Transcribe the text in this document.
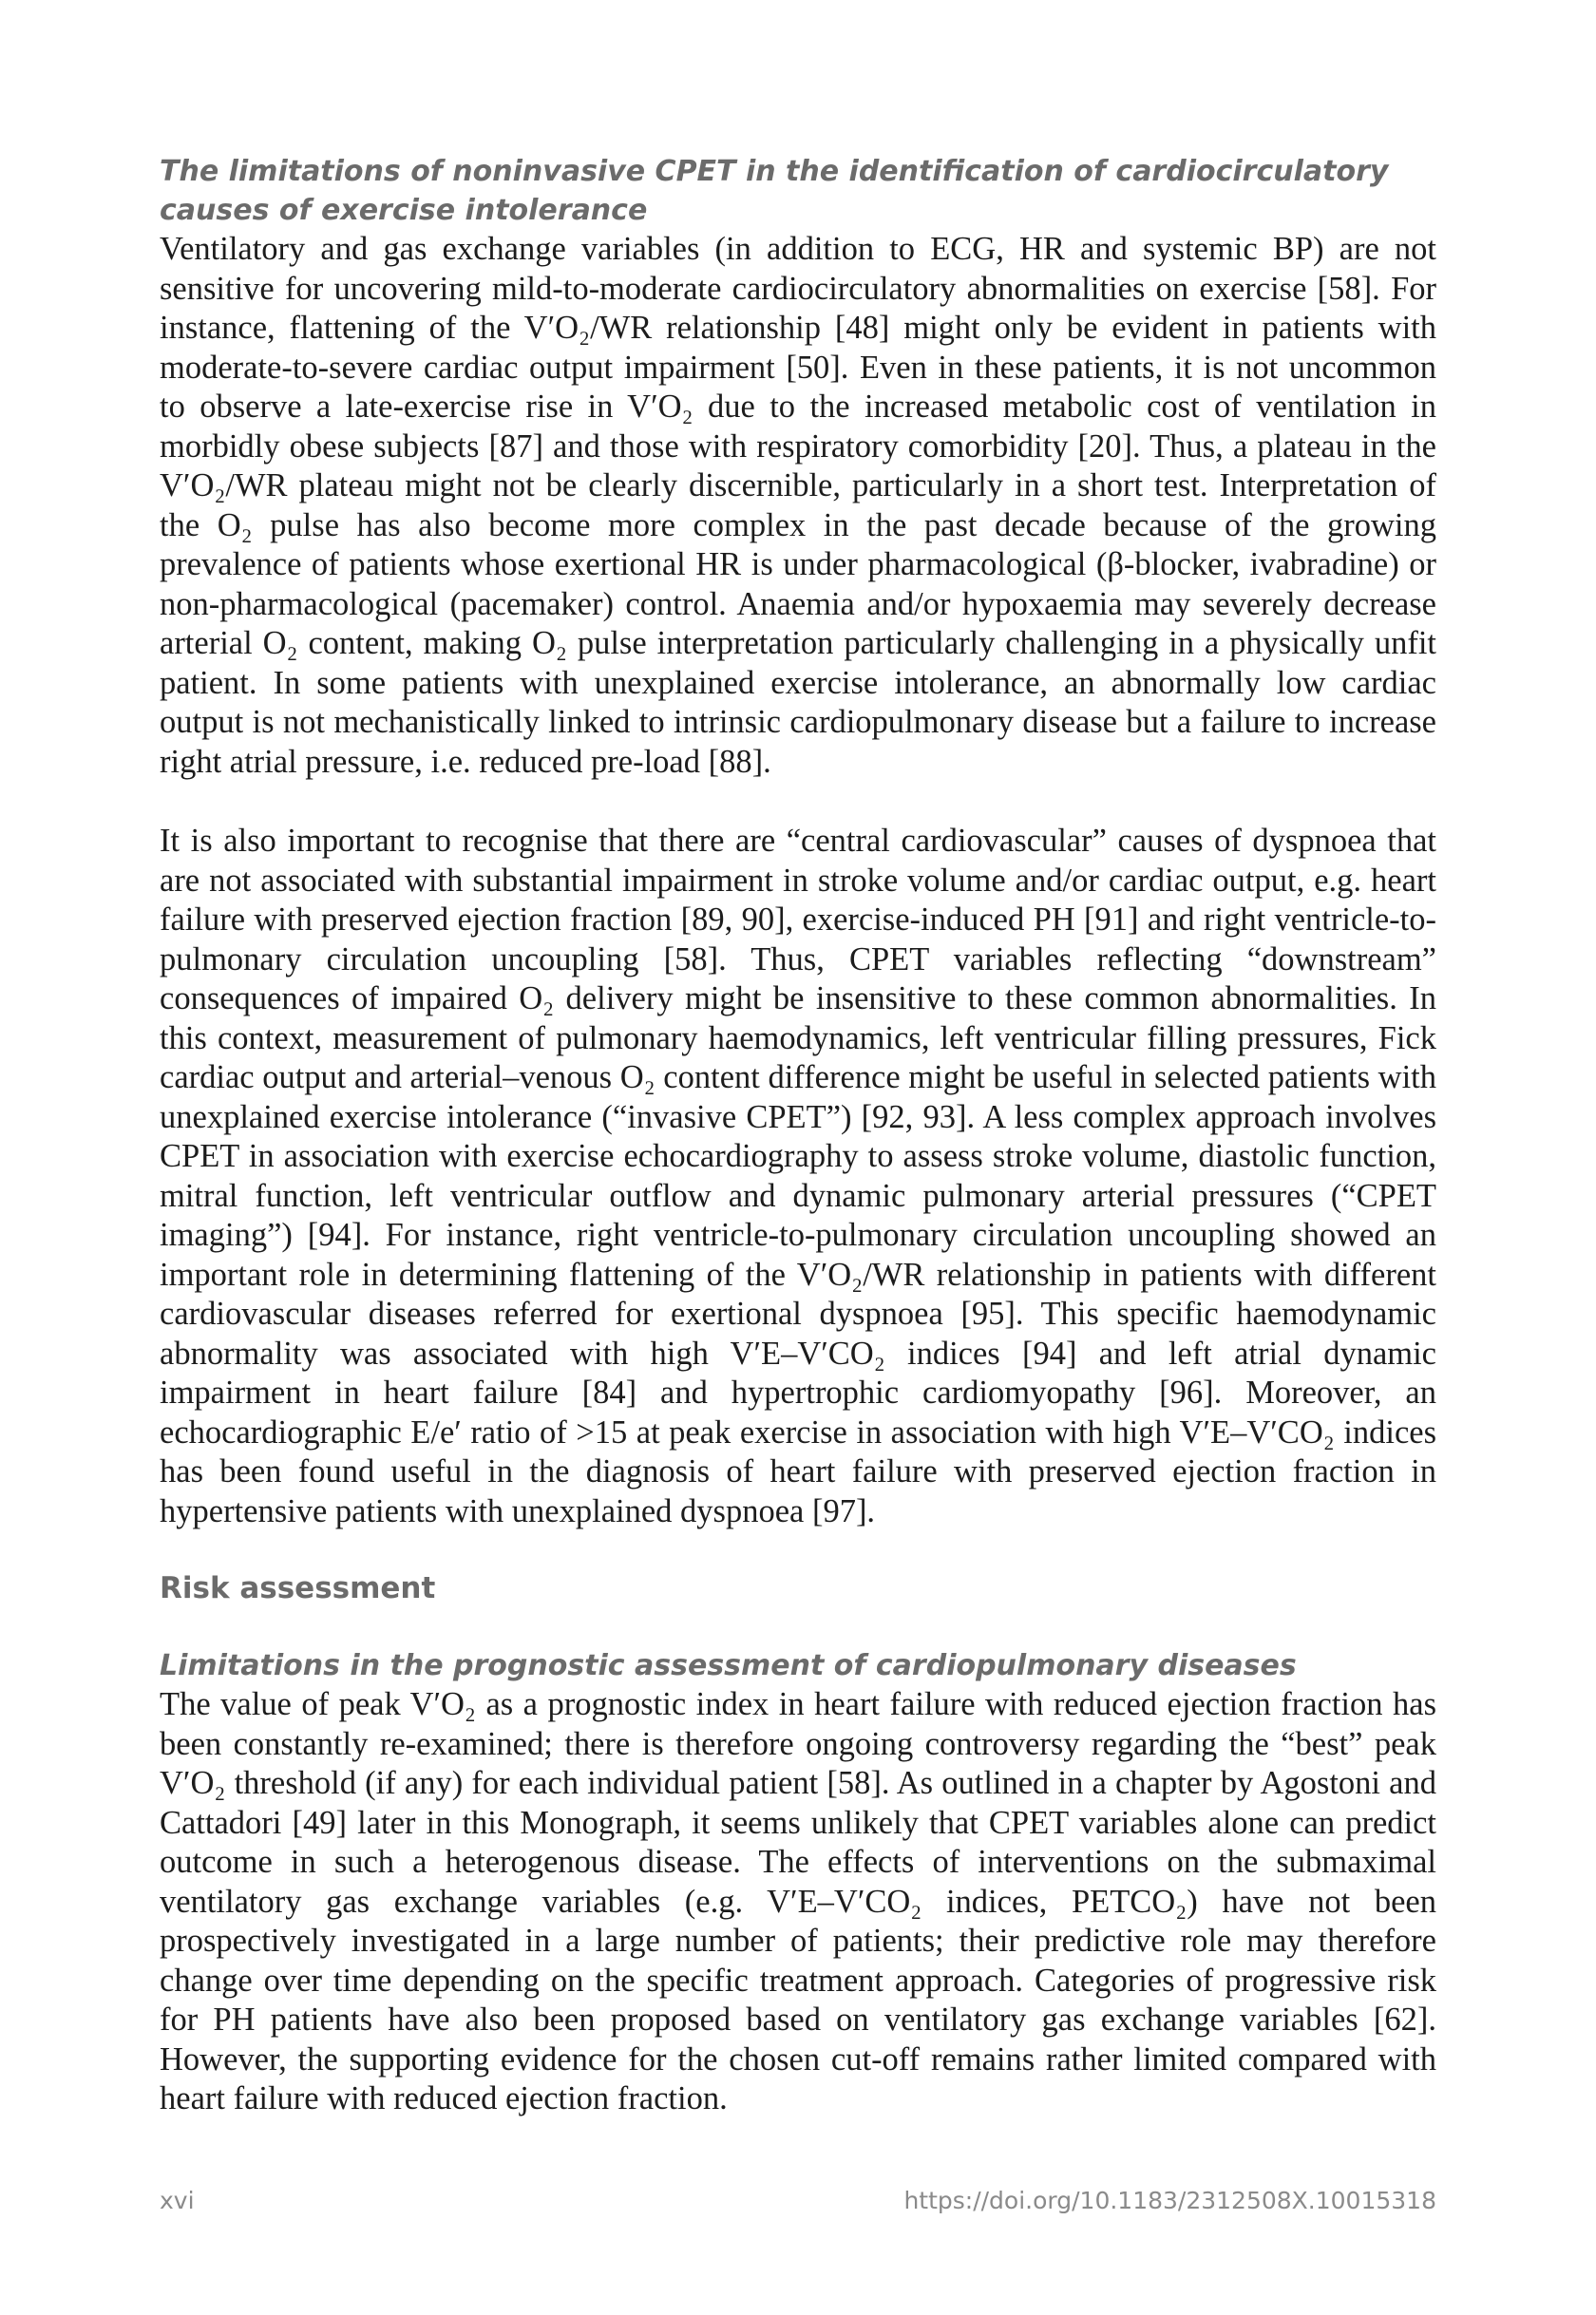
The limitations of noninvasive CPET in the identification of cardiocirculatory causes of exercise intolerance

Ventilatory and gas exchange variables (in addition to ECG, HR and systemic BP) are not sensitive for uncovering mild-to-moderate cardiocirculatory abnormalities on exercise [58]. For instance, flattening of the V′O₂/WR relationship [48] might only be evident in patients with moderate-to-severe cardiac output impairment [50]. Even in these patients, it is not uncommon to observe a late-exercise rise in V′O₂ due to the increased metabolic cost of ventilation in morbidly obese subjects [87] and those with respiratory comorbidity [20]. Thus, a plateau in the V′O₂/WR plateau might not be clearly discernible, particularly in a short test. Interpretation of the O₂ pulse has also become more complex in the past decade because of the growing prevalence of patients whose exertional HR is under pharmacological (β-blocker, ivabradine) or non-pharmacological (pacemaker) control. Anaemia and/or hypoxaemia may severely decrease arterial O₂ content, making O₂ pulse interpretation particularly challenging in a physically unfit patient. In some patients with unexplained exercise intolerance, an abnormally low cardiac output is not mechanistically linked to intrinsic cardiopulmonary disease but a failure to increase right atrial pressure, i.e. reduced pre-load [88].

It is also important to recognise that there are “central cardiovascular” causes of dyspnoea that are not associated with substantial impairment in stroke volume and/or cardiac output, e.g. heart failure with preserved ejection fraction [89, 90], exercise-induced PH [91] and right ventricle-to-pulmonary circulation uncoupling [58]. Thus, CPET variables reflecting “downstream” consequences of impaired O₂ delivery might be insensitive to these common abnormalities. In this context, measurement of pulmonary haemodynamics, left ventricular filling pressures, Fick cardiac output and arterial–venous O₂ content difference might be useful in selected patients with unexplained exercise intolerance (“invasive CPET”) [92, 93]. A less complex approach involves CPET in association with exercise echocardiography to assess stroke volume, diastolic function, mitral function, left ventricular outflow and dynamic pulmonary arterial pressures (“CPET imaging”) [94]. For instance, right ventricle-to-pulmonary circulation uncoupling showed an important role in determining flattening of the V′O₂/WR relationship in patients with different cardiovascular diseases referred for exertional dyspnoea [95]. This specific haemodynamic abnormality was associated with high V′E–V′CO₂ indices [94] and left atrial dynamic impairment in heart failure [84] and hypertrophic cardiomyopathy [96]. Moreover, an echocardiographic E/e′ ratio of >15 at peak exercise in association with high V′E–V′CO₂ indices has been found useful in the diagnosis of heart failure with preserved ejection fraction in hypertensive patients with unexplained dyspnoea [97].

Risk assessment
Limitations in the prognostic assessment of cardiopulmonary diseases

The value of peak V′O₂ as a prognostic index in heart failure with reduced ejection fraction has been constantly re-examined; there is therefore ongoing controversy regarding the “best” peak V′O₂ threshold (if any) for each individual patient [58]. As outlined in a chapter by Agostoni and Cattadori [49] later in this Monograph, it seems unlikely that CPET variables alone can predict outcome in such a heterogenous disease. The effects of interventions on the submaximal ventilatory gas exchange variables (e.g. V′E–V′CO₂ indices, PETCO₂) have not been prospectively investigated in a large number of patients; their predictive role may therefore change over time depending on the specific treatment approach. Categories of progressive risk for PH patients have also been proposed based on ventilatory gas exchange variables [62]. However, the supporting evidence for the chosen cut-off remains rather limited compared with heart failure with reduced ejection fraction.

xvi	https://doi.org/10.1183/2312508X.10015318
